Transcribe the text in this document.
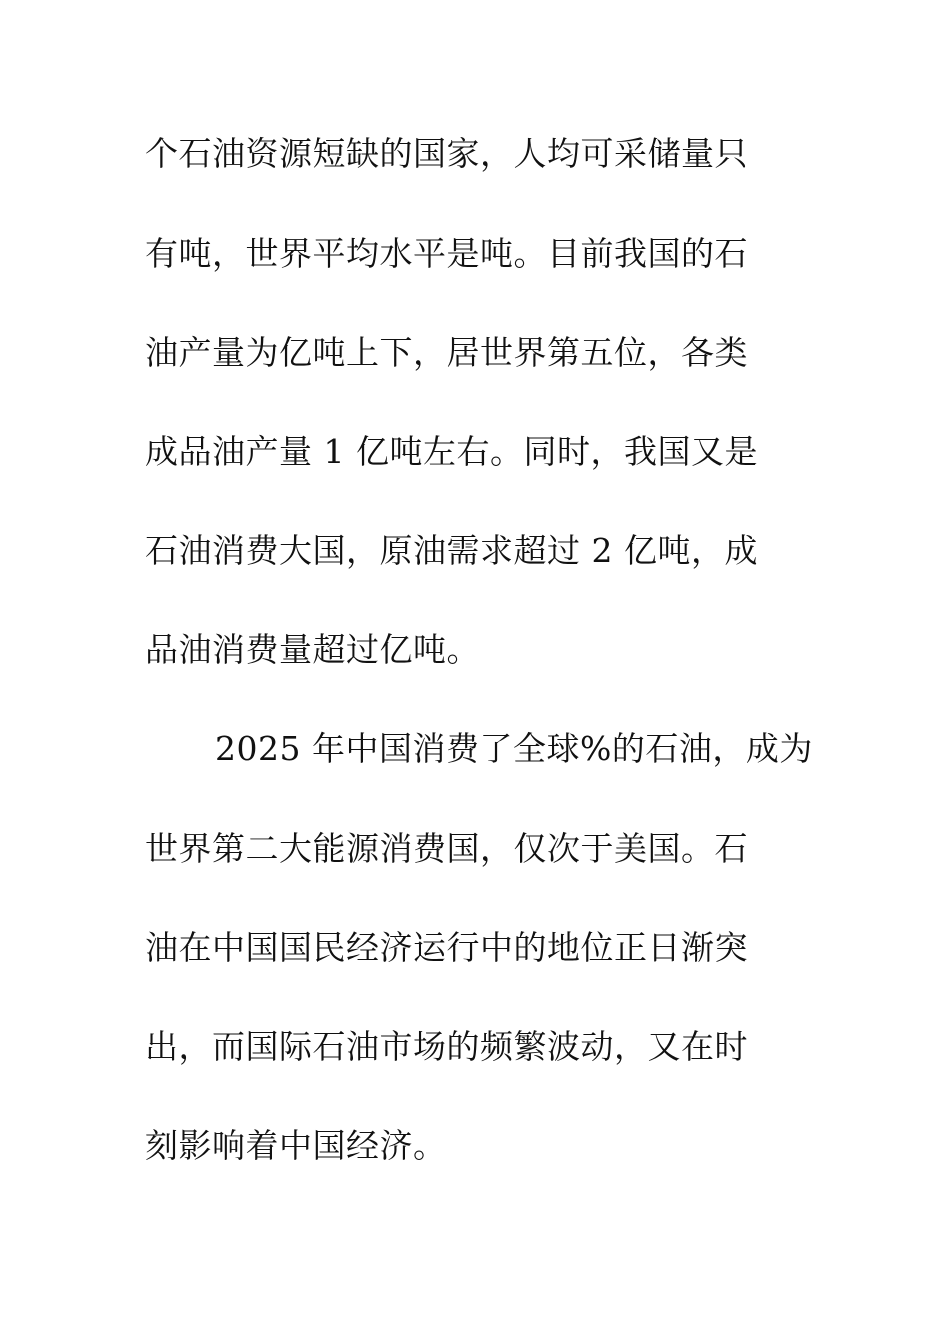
个石油资源短缺的国家，人均可采储量只
有吨，世界平均水平是吨。目前我国的石
油产量为亿吨上下，居世界第五位，各类
成品油产量 1 亿吨左右。同时，我国又是
石油消费大国，原油需求超过 2 亿吨，成
品油消费量超过亿吨。
2025 年中国消费了全球%的石油，成为
世界第二大能源消费国，仅次于美国。石
油在中国国民经济运行中的地位正日渐突
出，而国际石油市场的频繁波动，又在时
刻影响着中国经济。
